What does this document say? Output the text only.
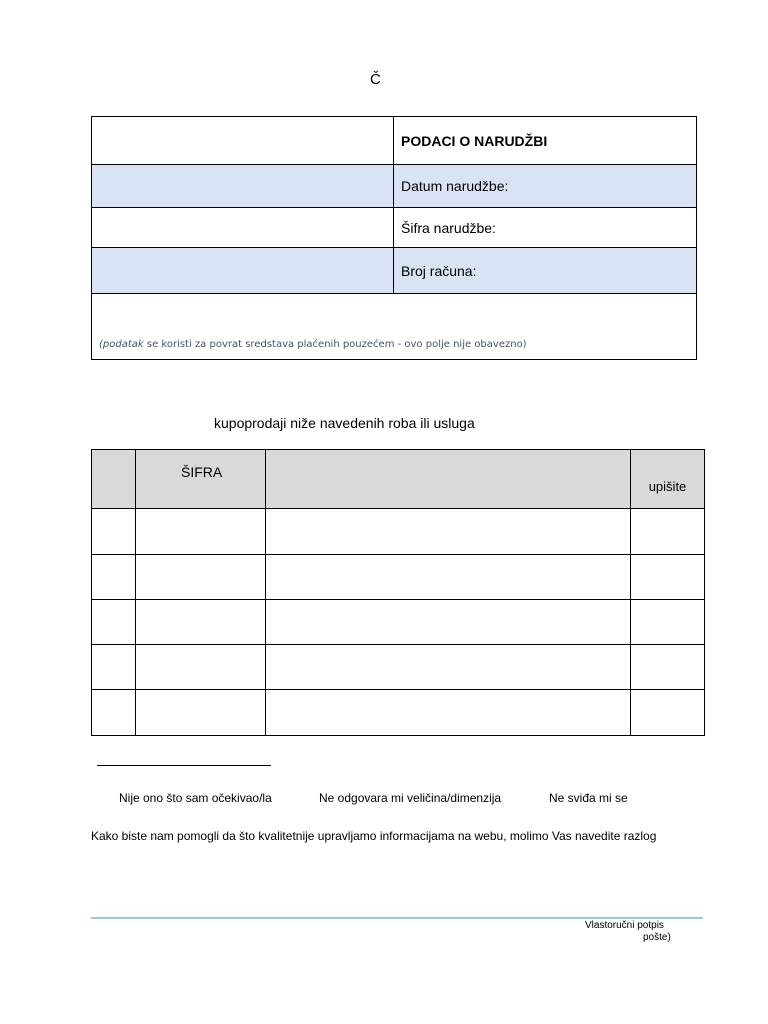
Č
	PODACI O NARUDŽBI
	Datum narudžbe:
	Šifra narudžbe:
	Broj računa:
(podatak se koristi za povrat sredstava plaćenih pouzećem - ovo polje nije obavezno)	
kupoprodaji niže navedenih roba ili usluga
	ŠIFRA		upišite

Nije ono što sam očekivao/la	Ne odgovara mi veličina/dimenzija	Ne sviđa mi se
Kako biste nam pomogli da što kvalitetnije upravljamo informacijama na webu, molimo Vas navedite razlog
Vlastoručni potpis
pošte)
